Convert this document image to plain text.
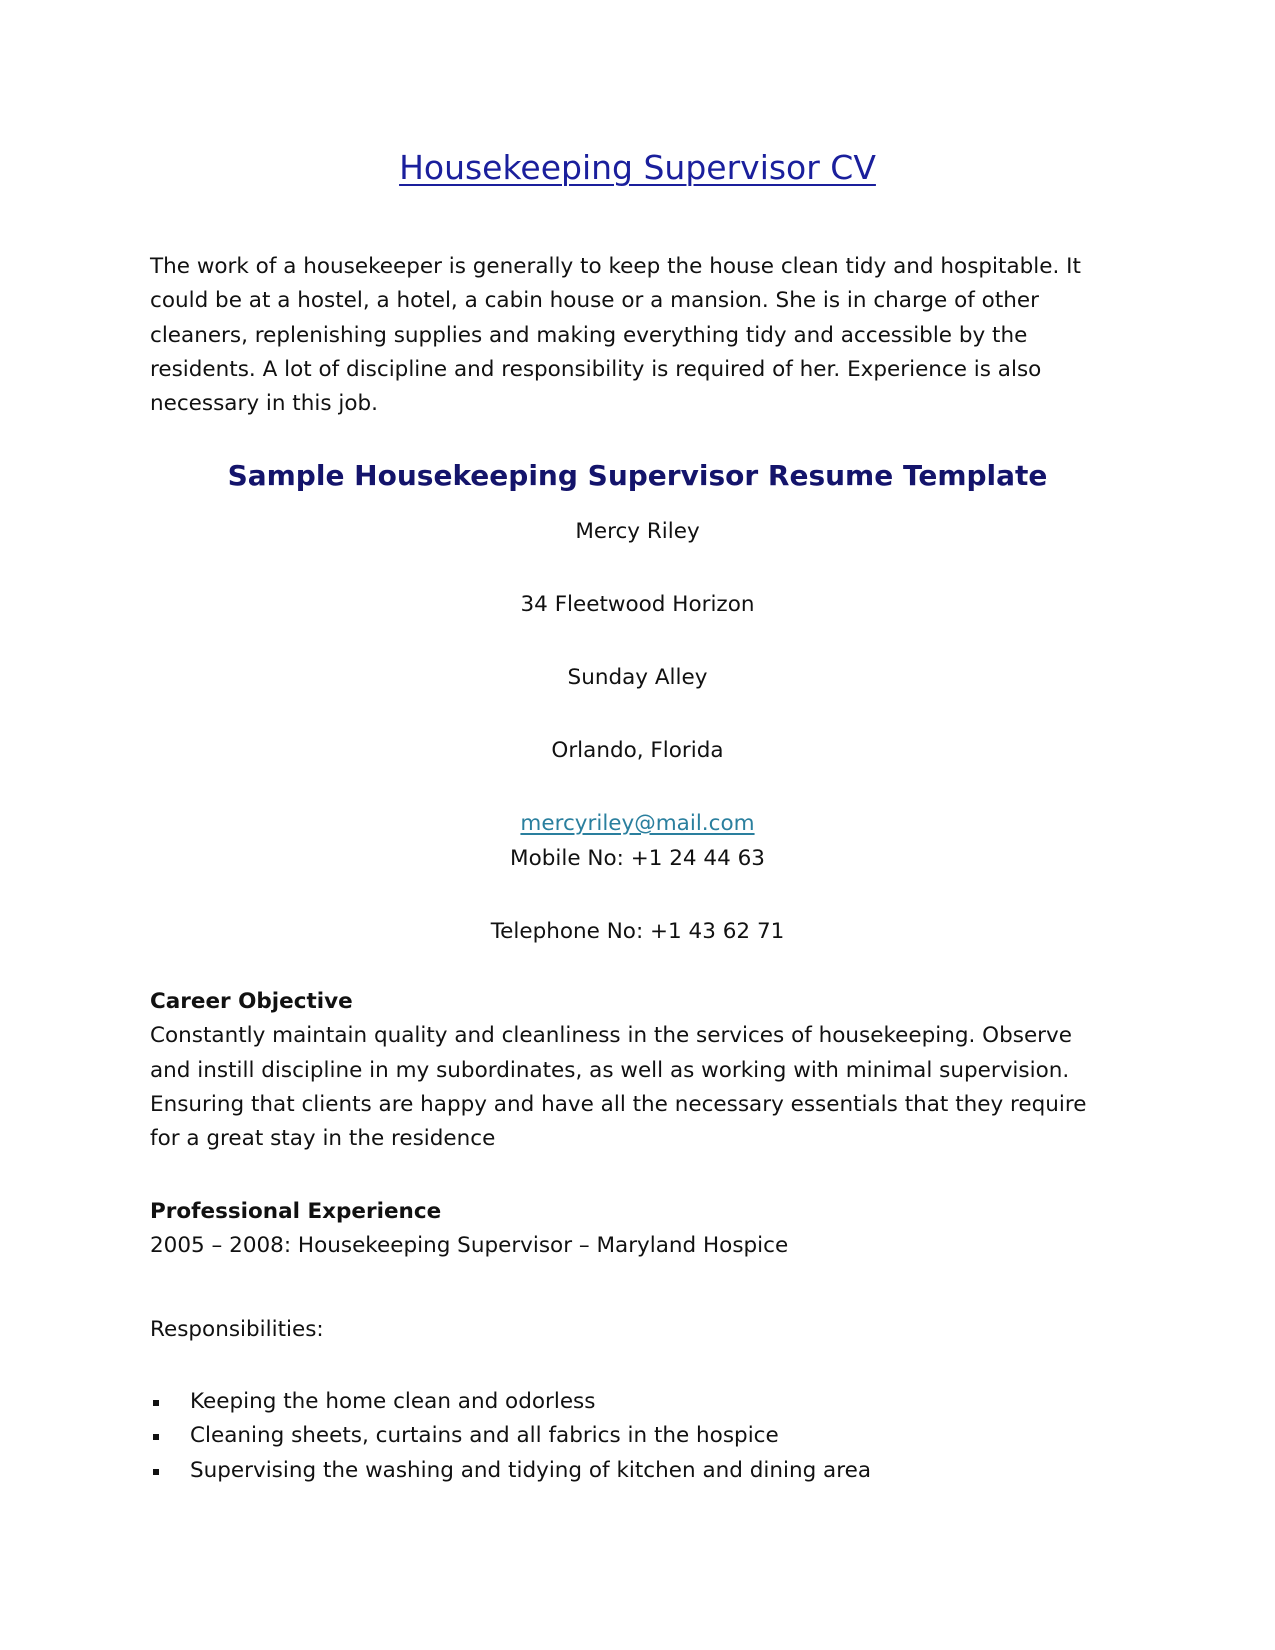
Housekeeping Supervisor CV

The work of a housekeeper is generally to keep the house clean tidy and hospitable. It
could be at a hostel, a hotel, a cabin house or a mansion. She is in charge of other
cleaners, replenishing supplies and making everything tidy and accessible by the
residents. A lot of discipline and responsibility is required of her. Experience is also
necessary in this job.

Sample Housekeeping Supervisor Resume Template
Mercy Riley
34 Fleetwood Horizon
Sunday Alley
Orlando, Florida
mercyriley@mail.com
Mobile No: +1 24 44 63
Telephone No: +1 43 62 71
Career Objective
Constantly maintain quality and cleanliness in the services of housekeeping. Observe
and instill discipline in my subordinates, as well as working with minimal supervision.
Ensuring that clients are happy and have all the necessary essentials that they require
for a great stay in the residence
Professional Experience
2005 – 2008: Housekeeping Supervisor – Maryland Hospice
Responsibilities:
Keeping the home clean and odorless
Cleaning sheets, curtains and all fabrics in the hospice
Supervising the washing and tidying of kitchen and dining area
